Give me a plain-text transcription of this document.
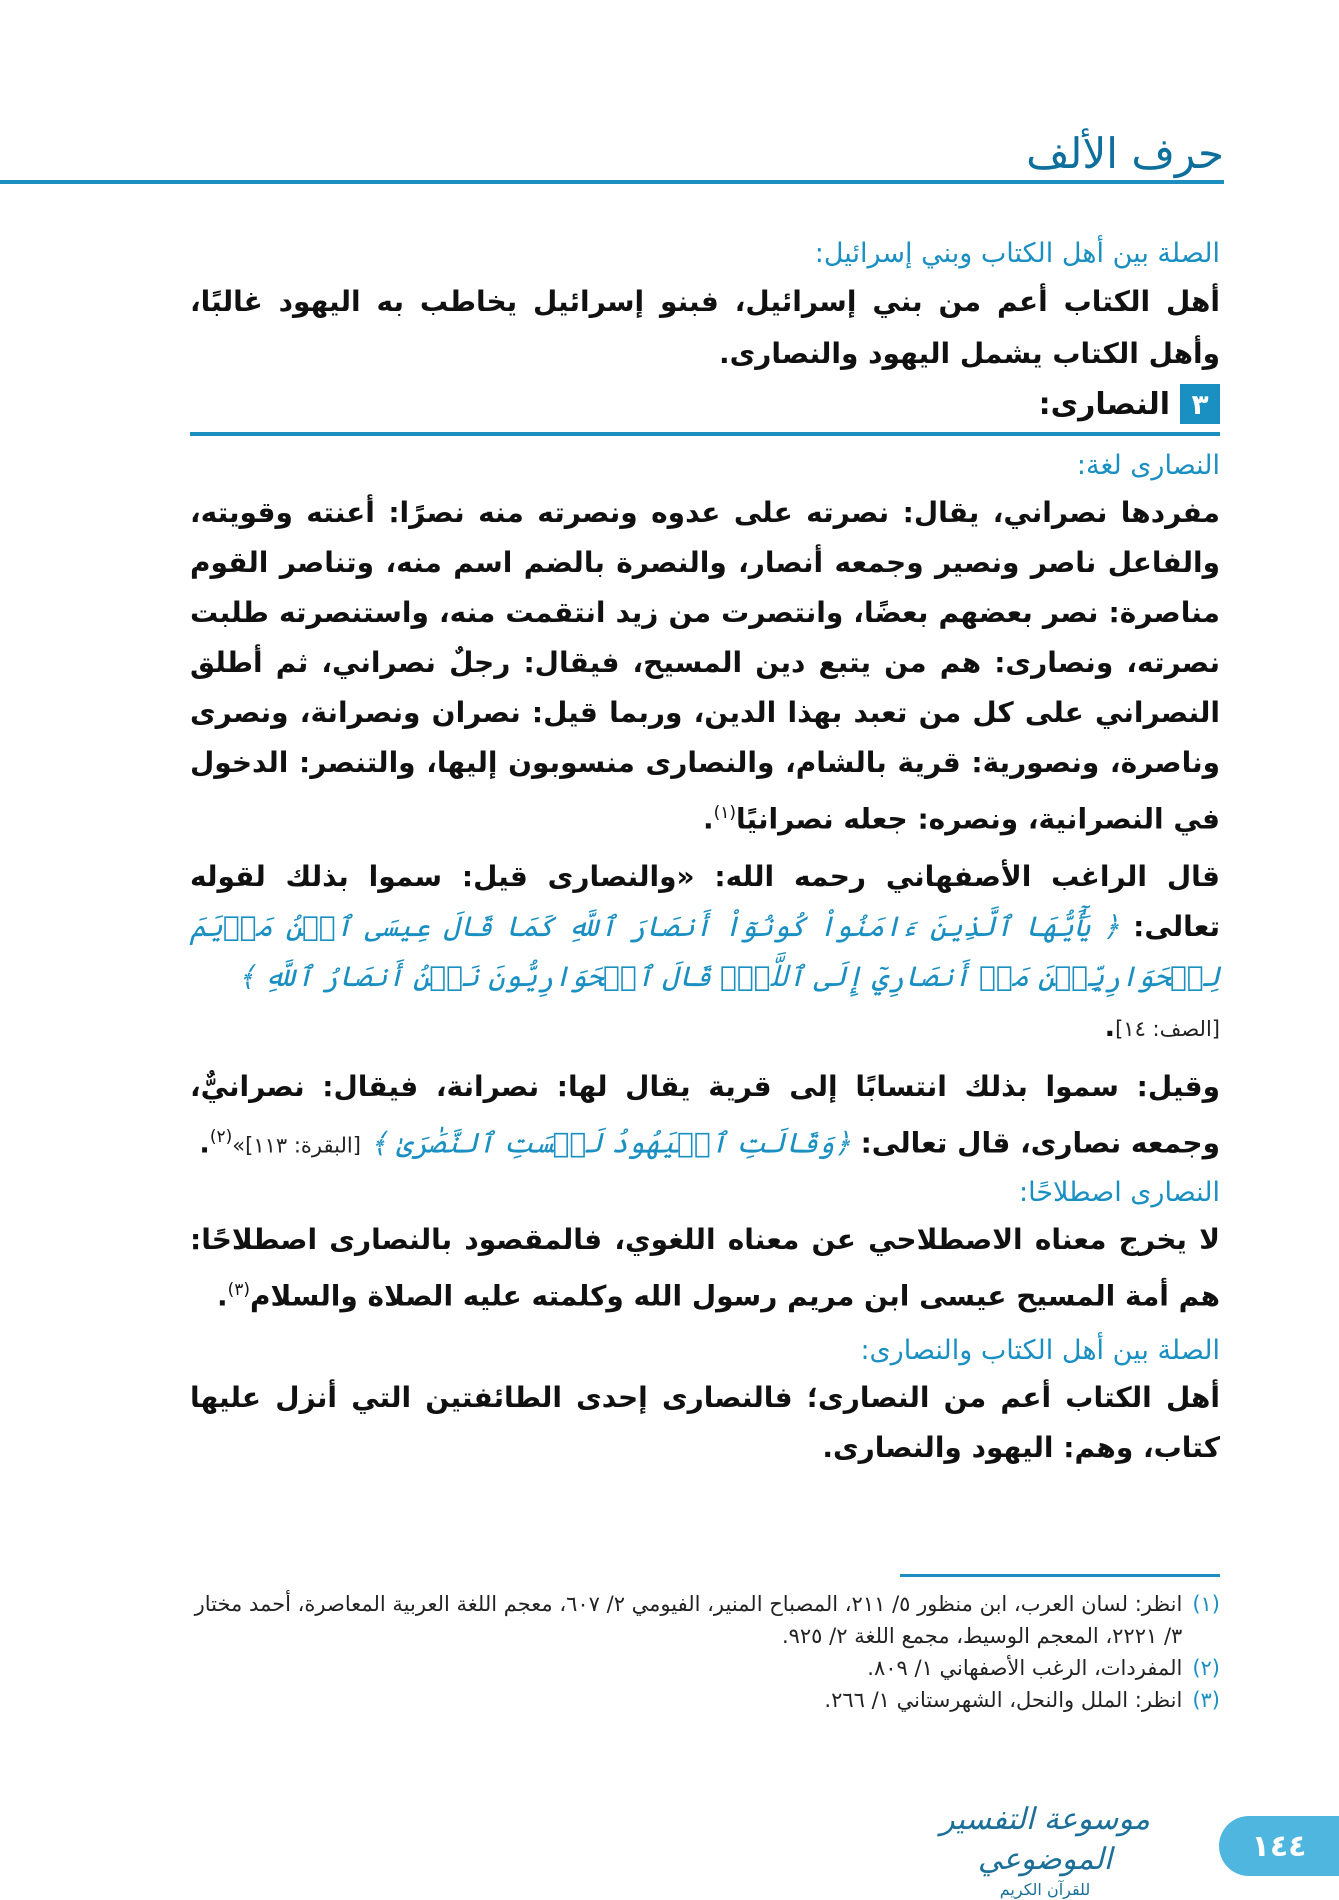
حرف الألف

الصلة بين أهل الكتاب وبني إسرائيل:

أهل الكتاب أعم من بني إسرائيل، فبنو إسرائيل يخاطب به اليهود غالبًا، وأهل الكتاب يشمل اليهود والنصارى.

٣
النصارى:

النصارى لغة:

مفردها نصراني، يقال: نصرته على عدوه ونصرته منه نصرًا: أعنته وقويته، والفاعل ناصر ونصير وجمعه أنصار، والنصرة بالضم اسم منه، وتناصر القوم مناصرة: نصر بعضهم بعضًا، وانتصرت من زيد انتقمت منه، واستنصرته طلبت نصرته، ونصارى: هم من يتبع دين المسيح، فيقال: رجلٌ نصراني، ثم أطلق النصراني على كل من تعبد بهذا الدين، وربما قيل: نصران ونصرانة، ونصرى وناصرة، ونصورية: قرية بالشام، والنصارى منسوبون إليها، والتنصر: الدخول في النصرانية، ونصره: جعله نصرانيًا$^{(١)}$.

قال الراغب الأصفهاني رحمه الله: «والنصارى قيل: سموا بذلك لقوله تعالى: ﴿ يَٰٓأَيُّهَا ٱلَّذِينَ ءَامَنُواْ كُونُوٓاْ أَنصَارَ ٱللَّهِ كَمَا قَالَ عِيسَى ٱبۡنُ مَرۡيَمَ لِلۡحَوَارِيِّـۧنَ مَنۡ أَنصَارِيٓ إِلَى ٱللَّهِۖ قَالَ ٱلۡحَوَارِيُّونَ نَحۡنُ أَنصَارُ ٱللَّهِ ﴾
[الصف: ١٤].

وقيل: سموا بذلك انتسابًا إلى قرية يقال لها: نصرانة، فيقال: نصرانيٌّ، وجمعه نصارى، قال تعالى: ﴿وَقَالَتِ ٱلۡيَهُودُ لَيۡسَتِ ٱلنَّصَٰرَىٰ ﴾ [البقرة: ١١٣]»$^{(٢)}$.

النصارى اصطلاحًا:

لا يخرج معناه الاصطلاحي عن معناه اللغوي، فالمقصود بالنصارى اصطلاحًا: هم أمة المسيح عيسى ابن مريم رسول الله وكلمته عليه الصلاة والسلام$^{(٣)}$.

الصلة بين أهل الكتاب والنصارى:

أهل الكتاب أعم من النصارى؛ فالنصارى إحدى الطائفتين التي أنزل عليها كتاب، وهم: اليهود والنصارى.

(١)
انظر: لسان العرب، ابن منظور ٥/ ٢١١، المصباح المنير، الفيومي ٢/ ٦٠٧، معجم اللغة العربية المعاصرة، أحمد مختار ٣/ ٢٢٢١، المعجم الوسيط، مجمع اللغة ٢/ ٩٢٥.

(٢)
المفردات، الرغب الأصفهاني ١/ ٨٠٩.

(٣)
انظر: الملل والنحل، الشهرستاني ١/ ٢٦٦.

موسوعة التفسير الموضوعي
للقرآن الكريم
١٤٤
